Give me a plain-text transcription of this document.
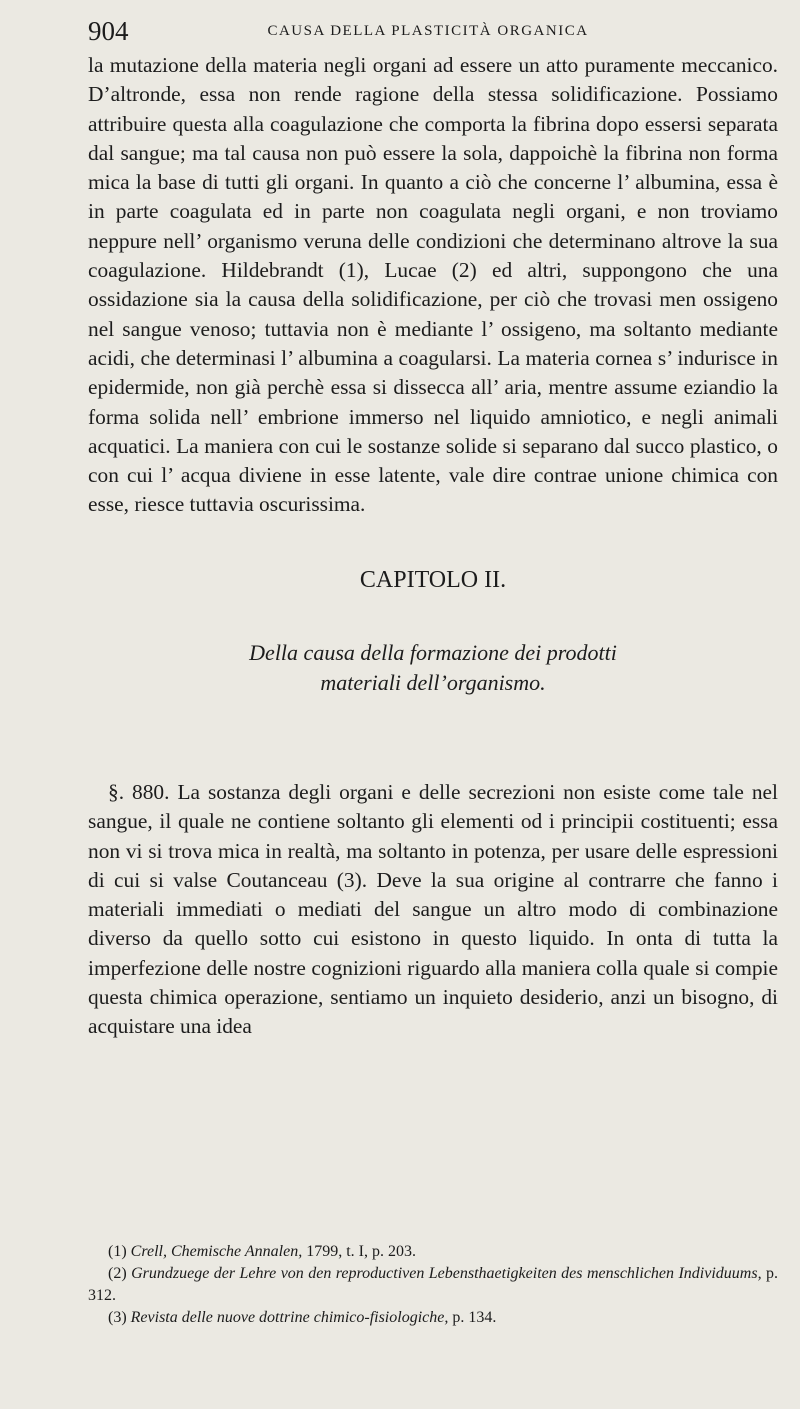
904	CAUSA DELLA PLASTICITÀ ORGANICA
la mutazione della materia negli organi ad essere un atto puramente meccanico. D’altronde, essa non rende ragione della stessa solidificazione. Possiamo attribuire questa alla coagulazione che comporta la fibrina dopo essersi separata dal sangue; ma tal causa non può essere la sola, dappoichè la fibrina non forma mica la base di tutti gli organi. In quanto a ciò che concerne l’ albumina, essa è in parte coagulata ed in parte non coagulata negli organi, e non troviamo neppure nell’ organismo veruna delle condizioni che determinano altrove la sua coagulazione. Hildebrandt (1), Lucae (2) ed altri, suppongono che una ossidazione sia la causa della solidificazione, per ciò che trovasi men ossigeno nel sangue venoso; tuttavia non è mediante l’ ossigeno, ma soltanto mediante acidi, che determinasi l’ albumina a coagularsi. La materia cornea s’ indurisce in epidermide, non già perchè essa si dissecca all’ aria, mentre assume eziandio la forma solida nell’ embrione immerso nel liquido amniotico, e negli animali acquatici. La maniera con cui le sostanze solide si separano dal succo plastico, o con cui l’ acqua diviene in esse latente, vale dire contrae unione chimica con esse, riesce tuttavia oscurissima.
CAPITOLO II.
Della causa della formazione dei prodotti
materiali dell’organismo.
§. 880. La sostanza degli organi e delle secrezioni non esiste come tale nel sangue, il quale ne contiene soltanto gli elementi od i principii costituenti; essa non vi si trova mica in realtà, ma soltanto in potenza, per usare delle espressioni di cui si valse Coutanceau (3). Deve la sua origine al contrarre che fanno i materiali immediati o mediati del sangue un altro modo di combinazione diverso da quello sotto cui esistono in questo liquido. In onta di tutta la imperfezione delle nostre cognizioni riguardo alla maniera colla quale si compie questa chimica operazione, sentiamo un inquieto desiderio, anzi un bisogno, di acquistare una idea
(1) Crell, Chemische Annalen, 1799, t. I, p. 203.
(2) Grundzuege der Lehre von den reproductiven Lebensthaetigkeiten des menschlichen Individuums, p. 312.
(3) Revista delle nuove dottrine chimico-fisiologiche, p. 134.
